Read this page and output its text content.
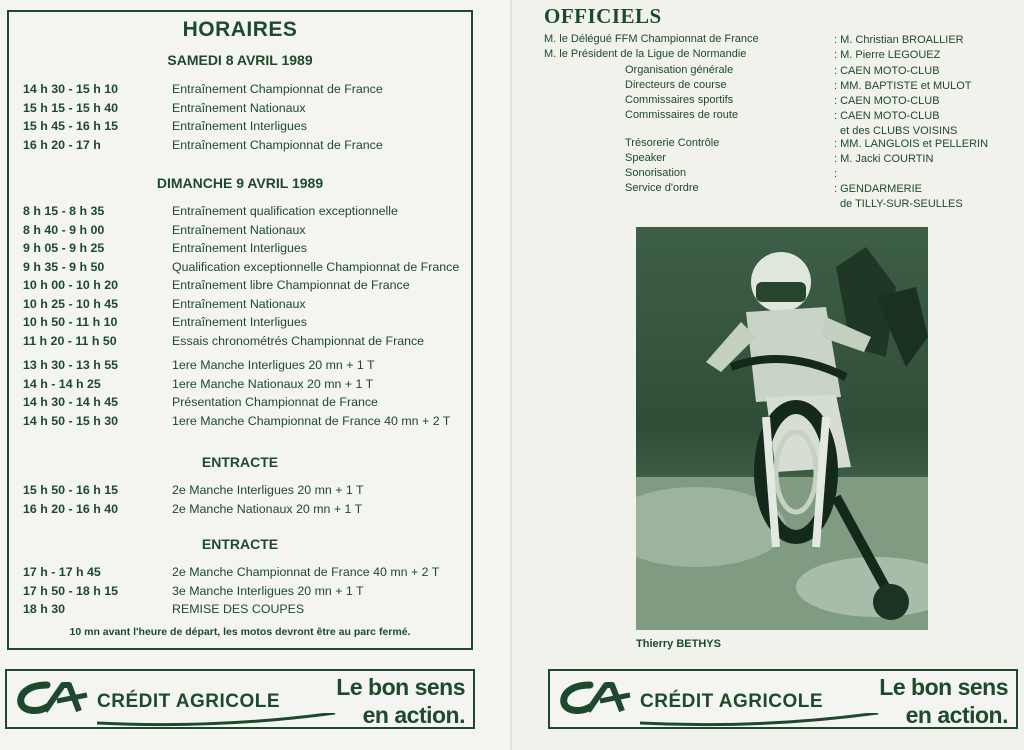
HORAIRES
SAMEDI 8 AVRIL 1989
14 h 30 - 15 h 10	Entraînement Championnat de France
15 h 15 - 15 h 40	Entraînement Nationaux
15 h 45 - 16 h 15	Entraînement Interligues
16 h 20 - 17 h	Entraînement Championnat de France
DIMANCHE 9 AVRIL 1989
8 h 15 - 8 h 35	Entraînement qualification exceptionnelle
8 h 40 - 9 h 00	Entraînement Nationaux
9 h 05 - 9 h 25	Entraînement Interligues
9 h 35 - 9 h 50	Qualification exceptionnelle Championnat de France
10 h 00 - 10 h 20	Entraînement libre Championnat de France
10 h 25 - 10 h 45	Entraînement Nationaux
10 h 50 - 11 h 10	Entraînement Interligues
11 h 20 - 11 h 50	Essais chronométrés Championnat de France
13 h 30 - 13 h 55	1ere Manche Interligues 20 mn + 1 T
14 h - 14 h 25	1ere Manche Nationaux 20 mn + 1 T
14 h 30 - 14 h 45	Présentation Championnat de France
14 h 50 - 15 h 30	1ere Manche Championnat de France 40 mn + 2 T
ENTRACTE
15 h 50 - 16 h 15	2e Manche Interligues 20 mn + 1 T
16 h 20 - 16 h 40	2e Manche Nationaux 20 mn + 1 T
ENTRACTE
17 h - 17 h 45	2e Manche Championnat de France 40 mn + 2 T
17 h 50 - 18 h 15	3e Manche Interligues 20 mn + 1 T
18 h 30	REMISE DES COUPES
10 mn avant l'heure de départ, les motos devront être au parc fermé.
CRÉDIT AGRICOLE
Le bon sens
en action.
OFFICIELS
M. le Délégué FFM Championnat de France	: M. Christian BROALLIER
M. le Président de la Ligue de Normandie	: M. Pierre LEGOUEZ
Organisation générale	: CAEN MOTO-CLUB
Directeurs de course	: MM. BAPTISTE et MULOT
Commissaires sportifs	: CAEN MOTO-CLUB
Commissaires de route	: CAEN MOTO-CLUB
et des CLUBS VOISINS
Trésorerie Contrôle	: MM. LANGLOIS et PELLERIN
Speaker	: M. Jacki COURTIN
Sonorisation	:
Service d'ordre	: GENDARMERIE
de TILLY-SUR-SEULLES
Thierry BETHYS
CRÉDIT AGRICOLE
Le bon sens
en action.
